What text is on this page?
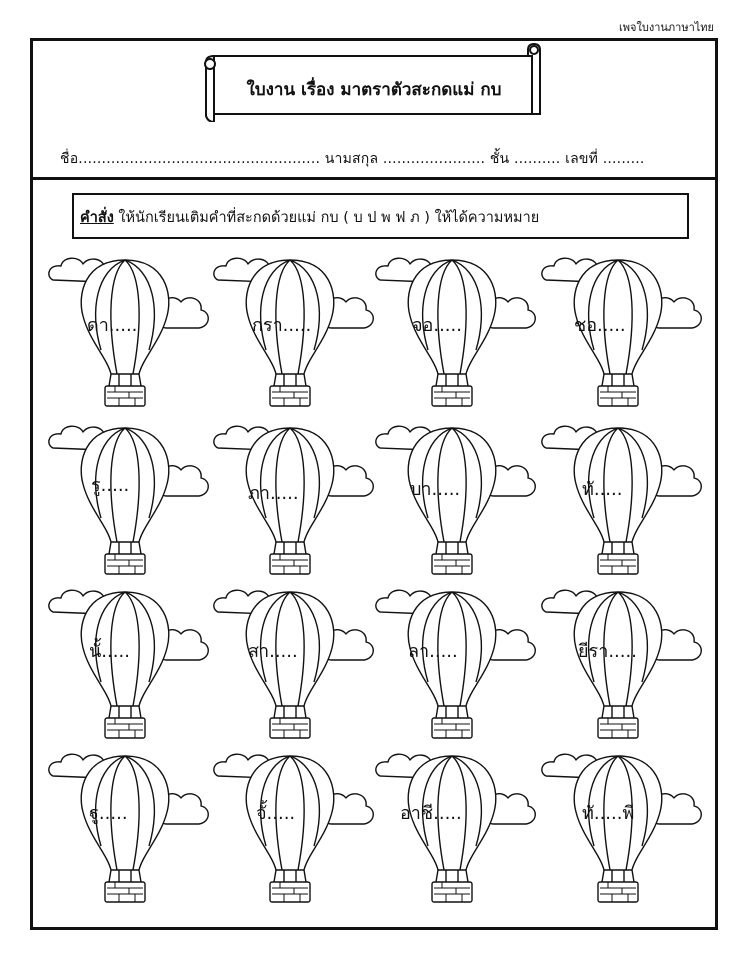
เพจใบงานภาษาไทย
ใบงาน เรื่อง มาตราตัวสะกดแม่ กบ
ชื่อ.................................................... นามสกุล ...................... ชั้น .......... เลขที่ .........
คำสั่ง ให้นักเรียนเติมคำที่สะกดด้วยแม่ กบ ( บ ป พ ฟ ภ ) ให้ได้ความหมาย
ดา.....	กรา.....	จอ.....	ชอ.....
รู.....	ภา.....	บา.....	ทั.....
นั้.....	สา.....	ลา.....	ยีรา.....
ฐู.....	จั้.....	อาชี.....	ทั.....พี
